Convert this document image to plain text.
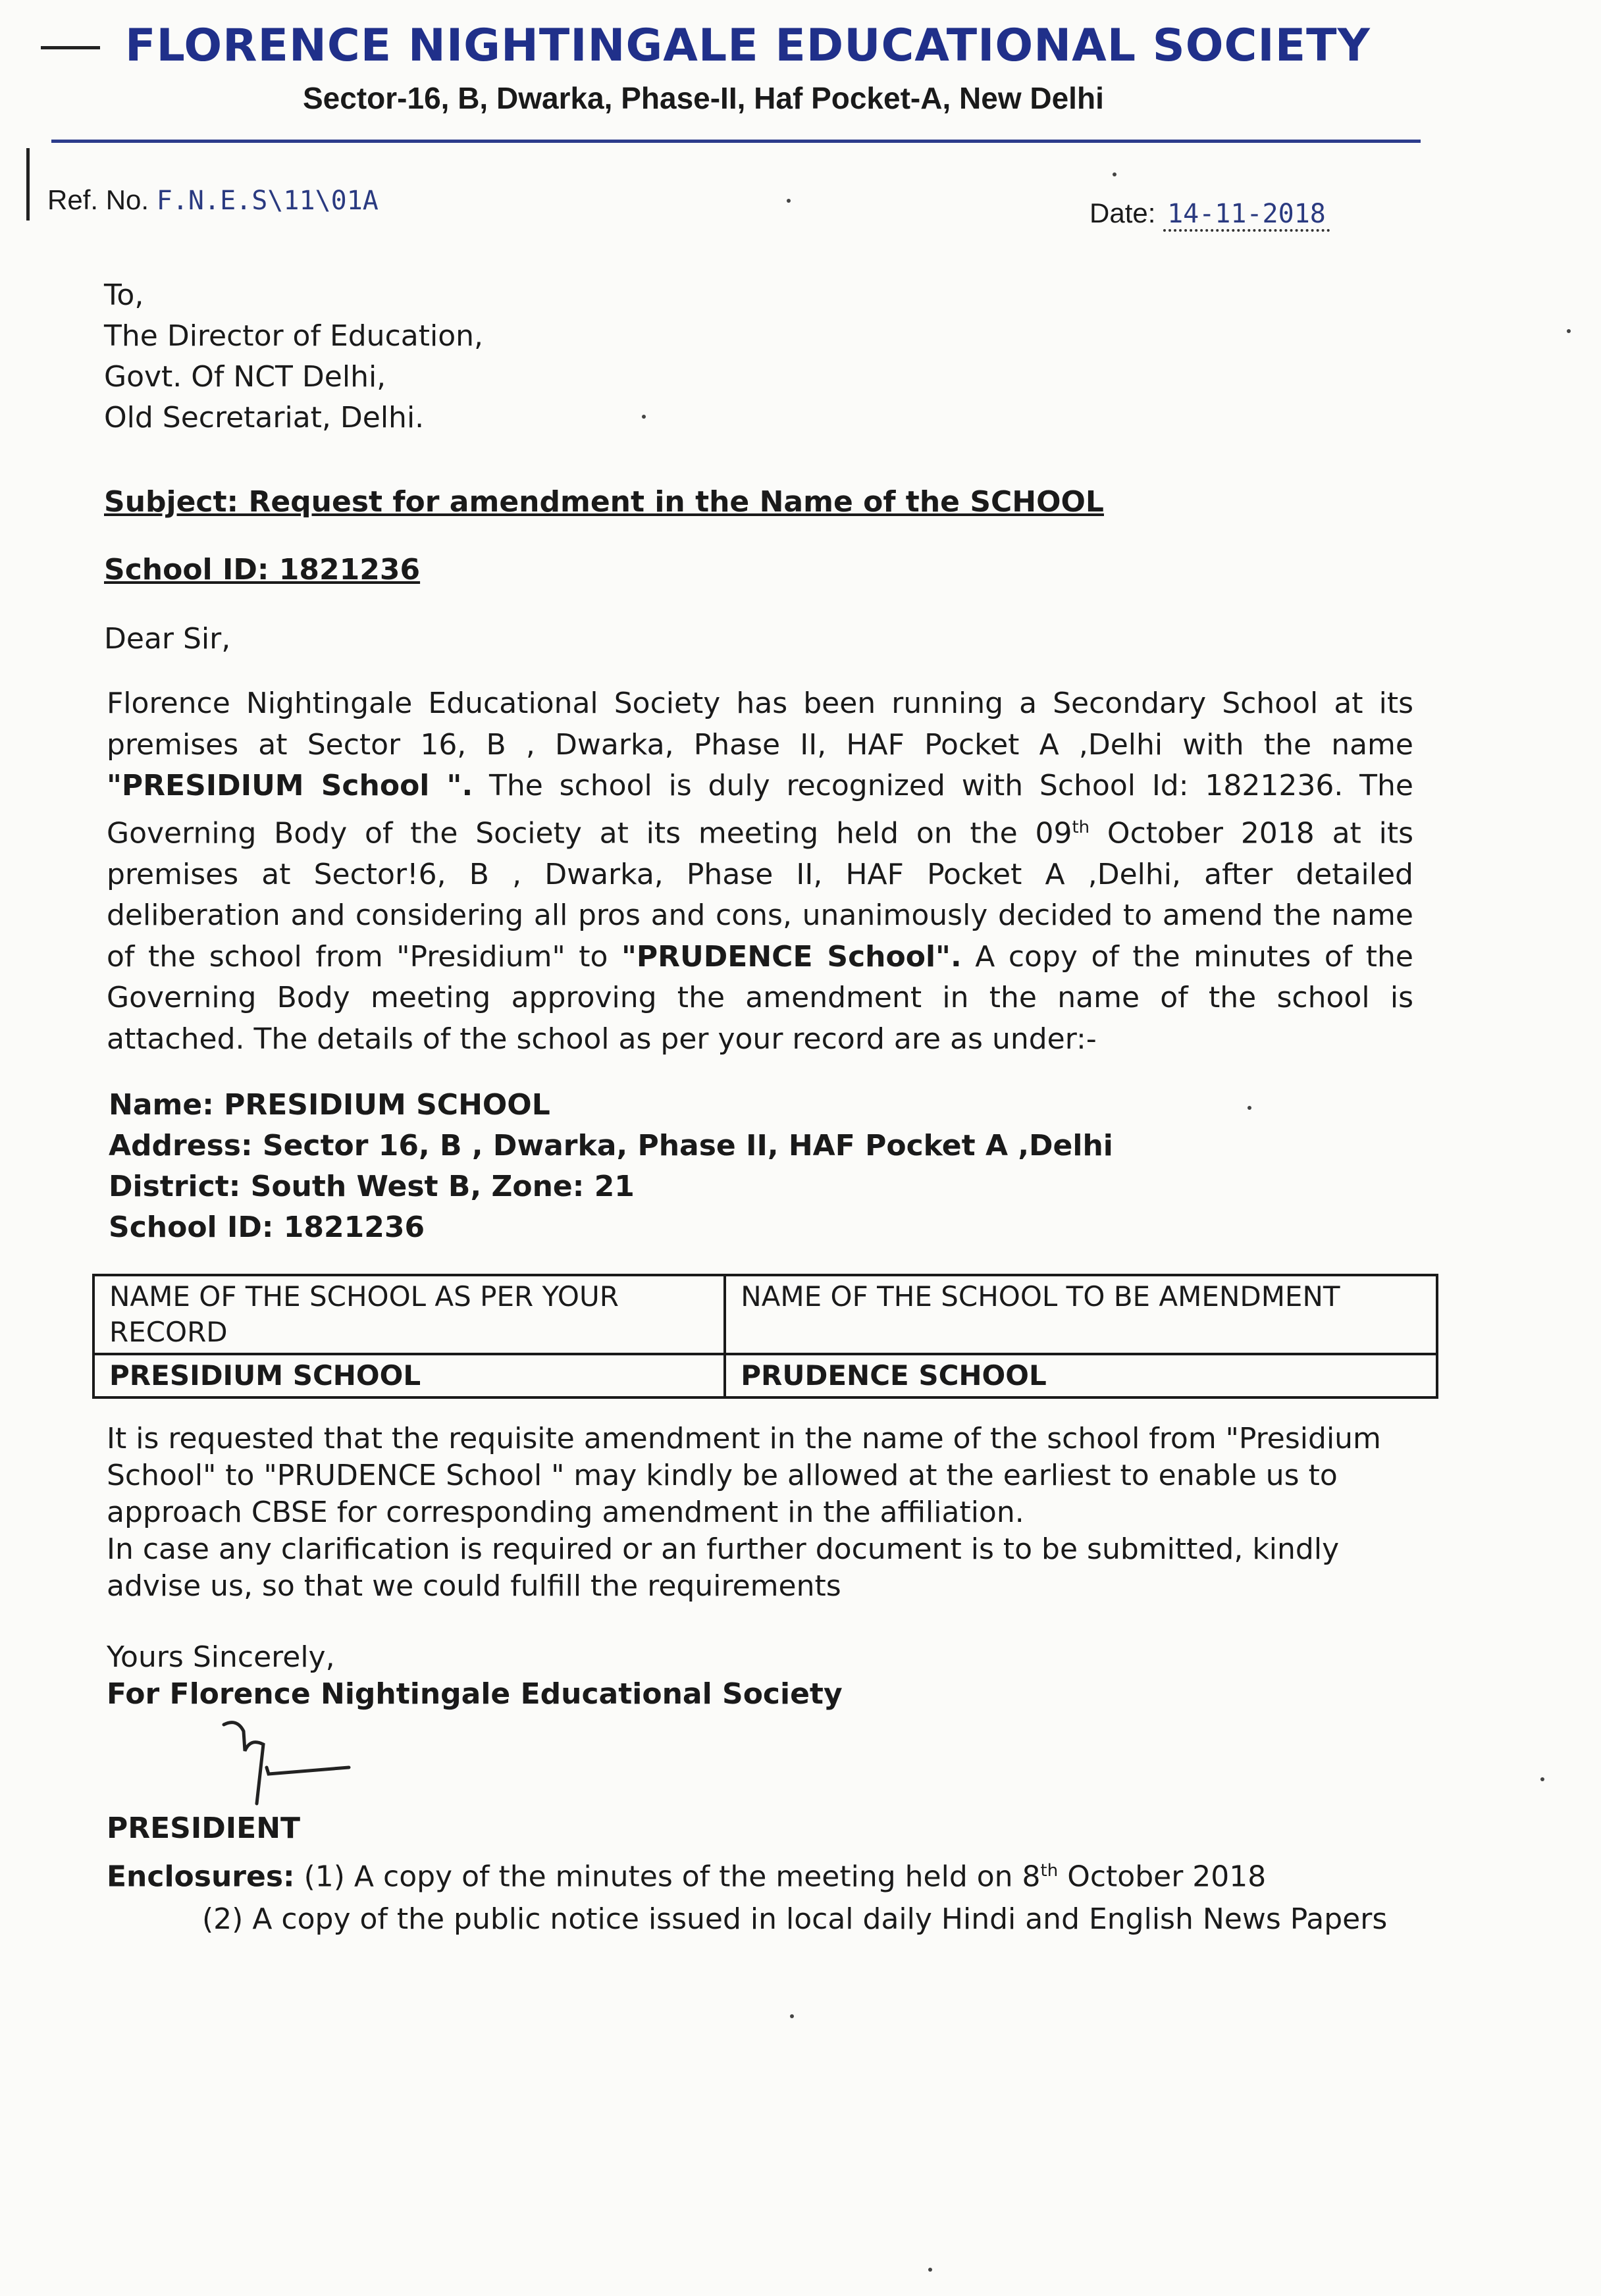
FLORENCE NIGHTINGALE EDUCATIONAL SOCIETY
Sector-16, B, Dwarka, Phase-II, Haf Pocket-A, New Delhi
Ref. No. F.N.E.S\11\01A	Date: 14-11-2018
To,
The Director of Education,
Govt. Of NCT Delhi,
Old Secretariat, Delhi.
Subject: Request for amendment in the Name of the SCHOOL
School ID: 1821236
Dear Sir,
Florence Nightingale Educational Society has been running a Secondary School at its premises at Sector 16, B , Dwarka, Phase II, HAF Pocket A ,Delhi with the name "PRESIDIUM School ". The school is duly recognized with School Id: 1821236. The Governing Body of the Society at its meeting held on the 09th October 2018 at its premises at Sector!6, B , Dwarka, Phase II, HAF Pocket A ,Delhi, after detailed deliberation and considering all pros and cons, unanimously decided to amend the name of the school from "Presidium" to "PRUDENCE School". A copy of the minutes of the Governing Body meeting approving the amendment in the name of the school is attached. The details of the school as per your record are as under:-
Name: PRESIDIUM SCHOOL
Address: Sector 16, B , Dwarka, Phase II, HAF Pocket A ,Delhi
District: South West B, Zone: 21
School ID: 1821236
NAME OF THE SCHOOL AS PER YOUR RECORD	NAME OF THE SCHOOL TO BE AMENDMENT
PRESIDIUM SCHOOL	PRUDENCE SCHOOL
It is requested that the requisite amendment in the name of the school from "Presidium
School" to "PRUDENCE School " may kindly be allowed at the earliest to enable us to
approach CBSE for corresponding amendment in the affiliation.
In case any clarification is required or an further document is to be submitted, kindly
advise us, so that we could fulfill the requirements
Yours Sincerely,
For Florence Nightingale Educational Society
PRESIDIENT
Enclosures: (1) A copy of the minutes of the meeting held on 8th October 2018
(2) A copy of the public notice issued in local daily Hindi and English News Papers
